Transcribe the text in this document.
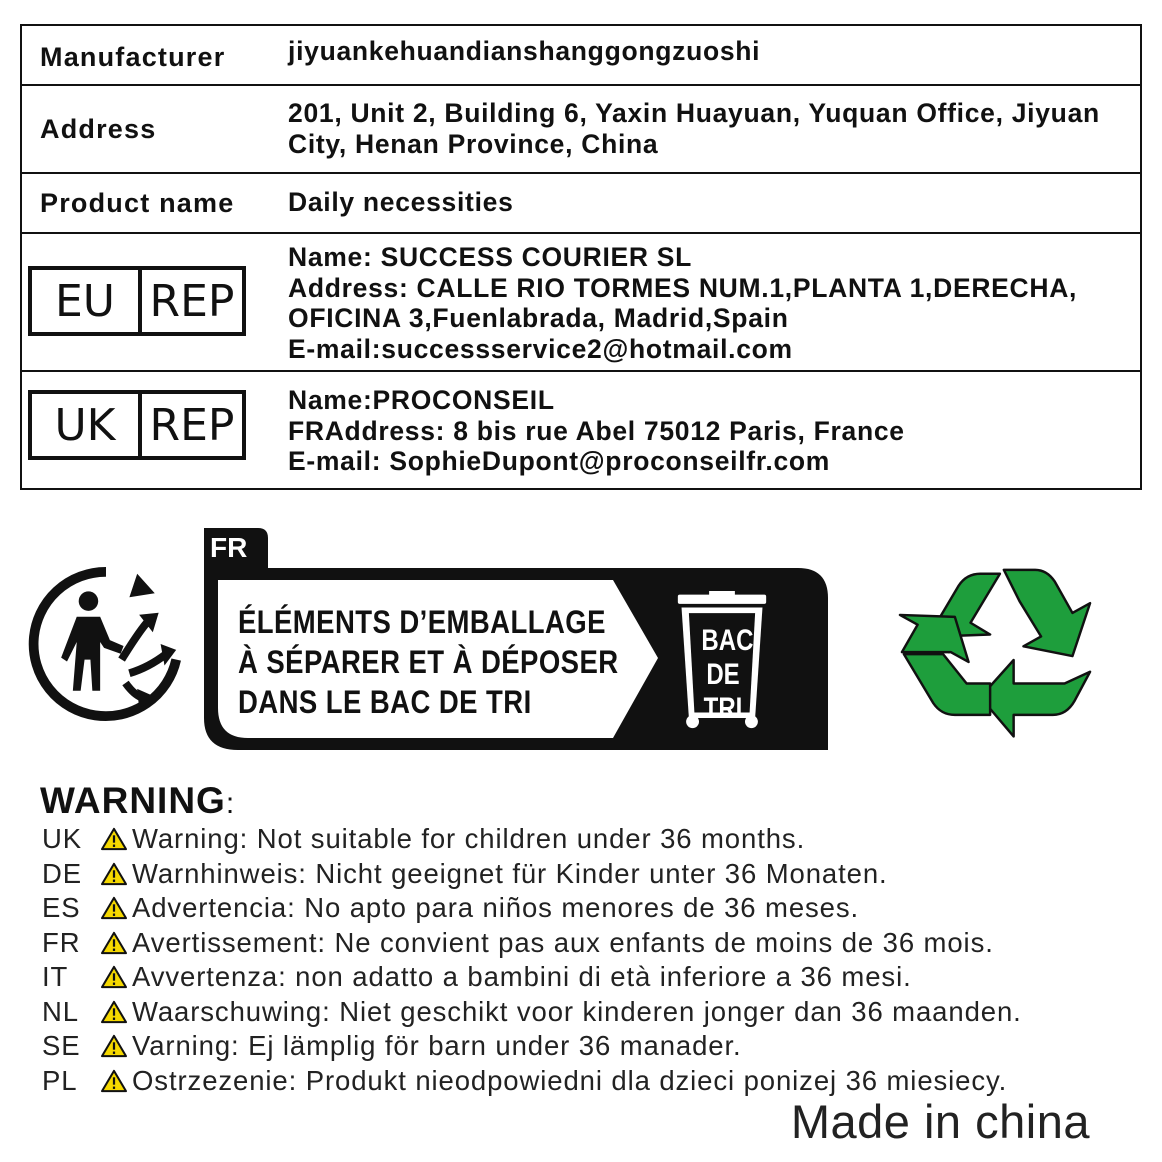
Manufacturer jiyuankehuandianshanggongzuoshi
Address
201, Unit 2, Building 6, Yaxin Huayuan, Yuquan Office, Jiyuan
City, Henan Province, China
Product name Daily necessities
EU REP
Name: SUCCESS COURIER SL
Address: CALLE RIO TORMES NUM.1,PLANTA 1,DERECHA,
OFICINA 3,Fuenlabrada, Madrid,Spain
E-mail:successservice2@hotmail.com
UK REP Name:PROCONSEIL
FRAddress: 8 bis rue Abel 75012 Paris, France
E-mail: SophieDupont@proconseilfr.com
FR
ÉLÉMENTS D’EMBALLAGE
À SÉPARER ET À DÉPOSER
DANS LE BAC DE TRI
BAC
DE
TRI
WARNING:
UK	Warning: Not suitable for children under 36 months.
DE	Warnhinweis: Nicht geeignet für Kinder unter 36 Monaten.
ES	Advertencia: No apto para niños menores de 36 meses.
FR	Avertissement: Ne convient pas aux enfants de moins de 36 mois.
IT	Avvertenza: non adatto a bambini di età inferiore a 36 mesi.
NL	Waarschuwing: Niet geschikt voor kinderen jonger dan 36 maanden.
SE	Varning: Ej lämplig för barn under 36 manader.
PL	Ostrzezenie: Produkt nieodpowiedni dla dzieci ponizej 36 miesiecy.
Made in china
